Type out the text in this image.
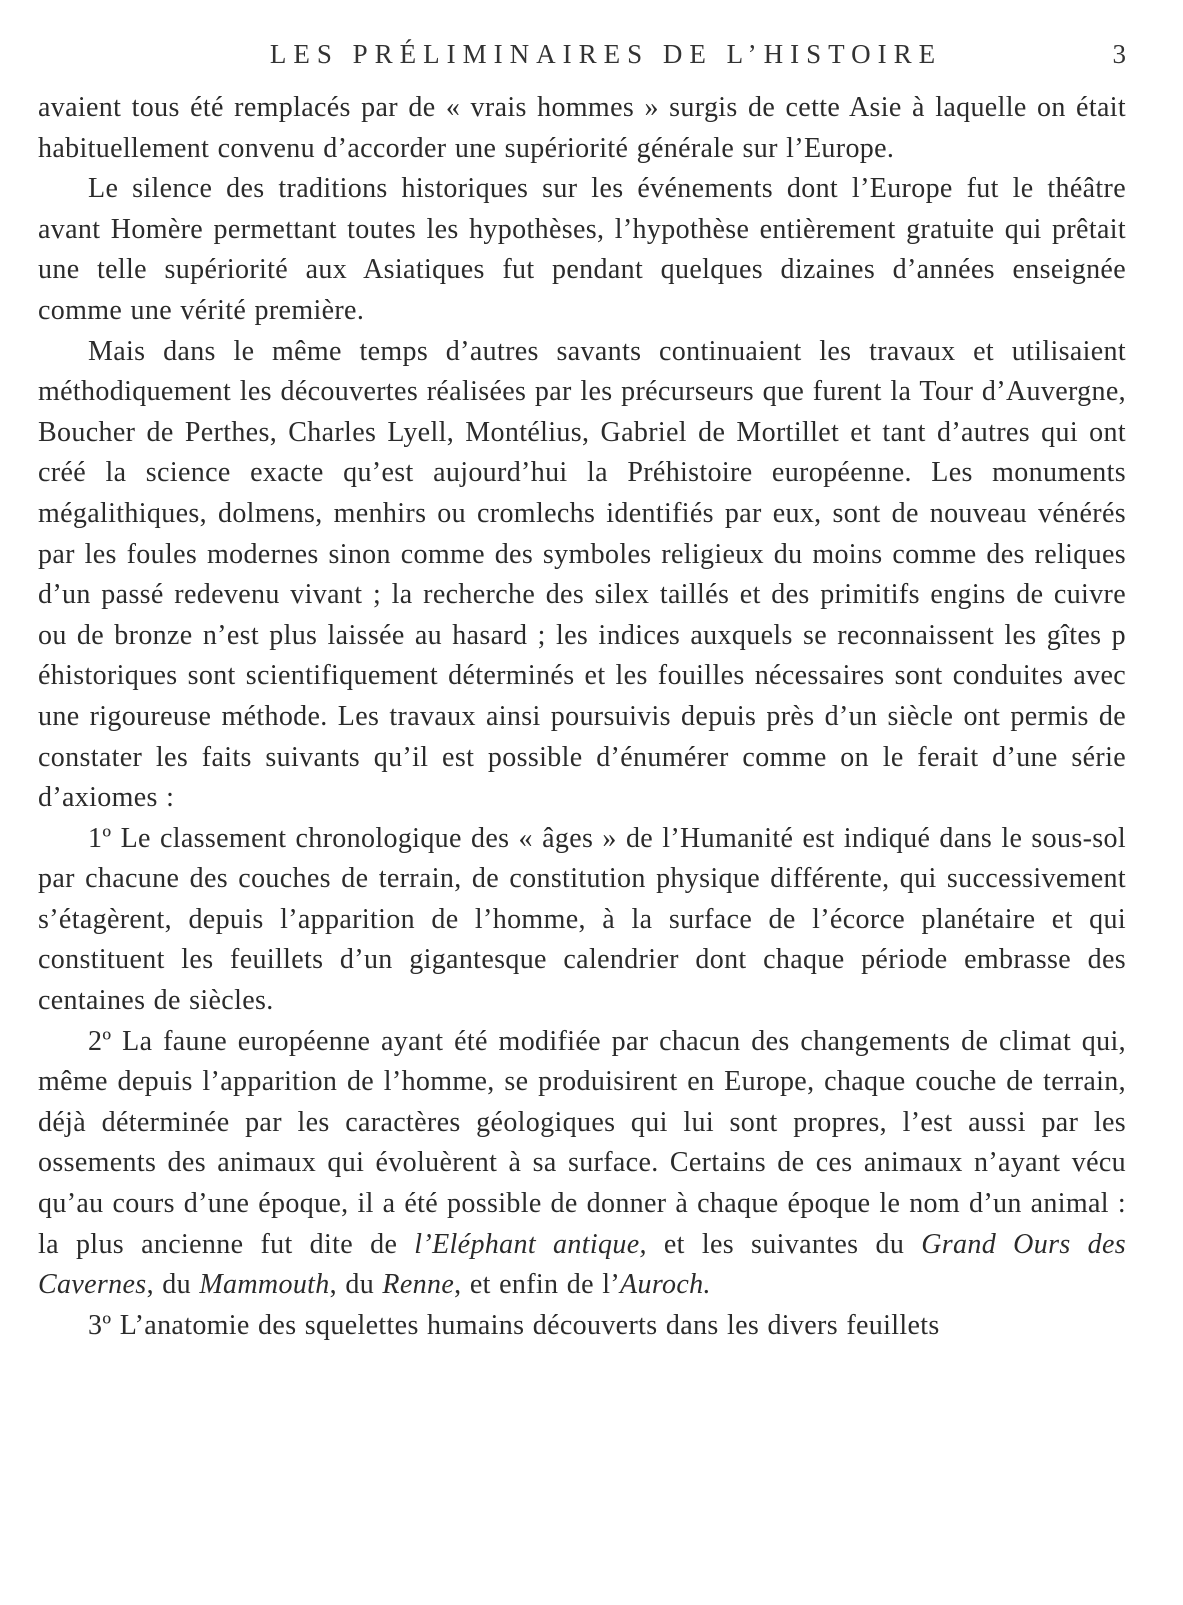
LES PRÉLIMINAIRES DE L’HISTOIRE	3

avaient tous été remplacés par de « vrais hommes » surgis de cette Asie à laquelle on était habituellement convenu d’accorder une supériorité générale sur l’Europe.

Le silence des traditions historiques sur les événements dont l’Europe fut le théâtre avant Homère permettant toutes les hypothèses, l’hypothèse entièrement gratuite qui prêtait une telle supériorité aux Asiatiques fut pendant quelques dizaines d’années enseignée comme une vérité première.

Mais dans le même temps d’autres savants continuaient les travaux et utilisaient méthodiquement les découvertes réalisées par les précurseurs que furent la Tour d’Auvergne, Boucher de Perthes, Charles Lyell, Montélius, Gabriel de Mortillet et tant d’autres qui ont créé la science exacte qu’est aujourd’hui la Préhistoire européenne. Les monuments mégalithiques, dolmens, menhirs ou cromlechs identifiés par eux, sont de nouveau vénérés par les foules modernes sinon comme des symboles religieux du moins comme des reliques d’un passé redevenu vivant ; la recherche des silex taillés et des primitifs engins de cuivre ou de bronze n’est plus laissée au hasard ; les indices auxquels se reconnaissent les gîtes p éhistoriques sont scientifiquement déterminés et les fouilles nécessaires sont conduites avec une rigoureuse méthode. Les travaux ainsi poursuivis depuis près d’un siècle ont permis de constater les faits suivants qu’il est possible d’énumérer comme on le ferait d’une série d’axiomes :

1º Le classement chronologique des « âges » de l’Humanité est indiqué dans le sous-sol par chacune des couches de terrain, de constitution physique différente, qui successivement s’étagèrent, depuis l’apparition de l’homme, à la surface de l’écorce planétaire et qui constituent les feuillets d’un gigantesque calendrier dont chaque période embrasse des centaines de siècles.

2º La faune européenne ayant été modifiée par chacun des changements de climat qui, même depuis l’apparition de l’homme, se produisirent en Europe, chaque couche de terrain, déjà déterminée par les caractères géologiques qui lui sont propres, l’est aussi par les ossements des animaux qui évoluèrent à sa surface. Certains de ces animaux n’ayant vécu qu’au cours d’une époque, il a été possible de donner à chaque époque le nom d’un animal : la plus ancienne fut dite de l’Eléphant antique, et les suivantes du Grand Ours des Cavernes, du Mammouth, du Renne, et enfin de l’Auroch.

3º L’anatomie des squelettes humains découverts dans les divers feuillets
